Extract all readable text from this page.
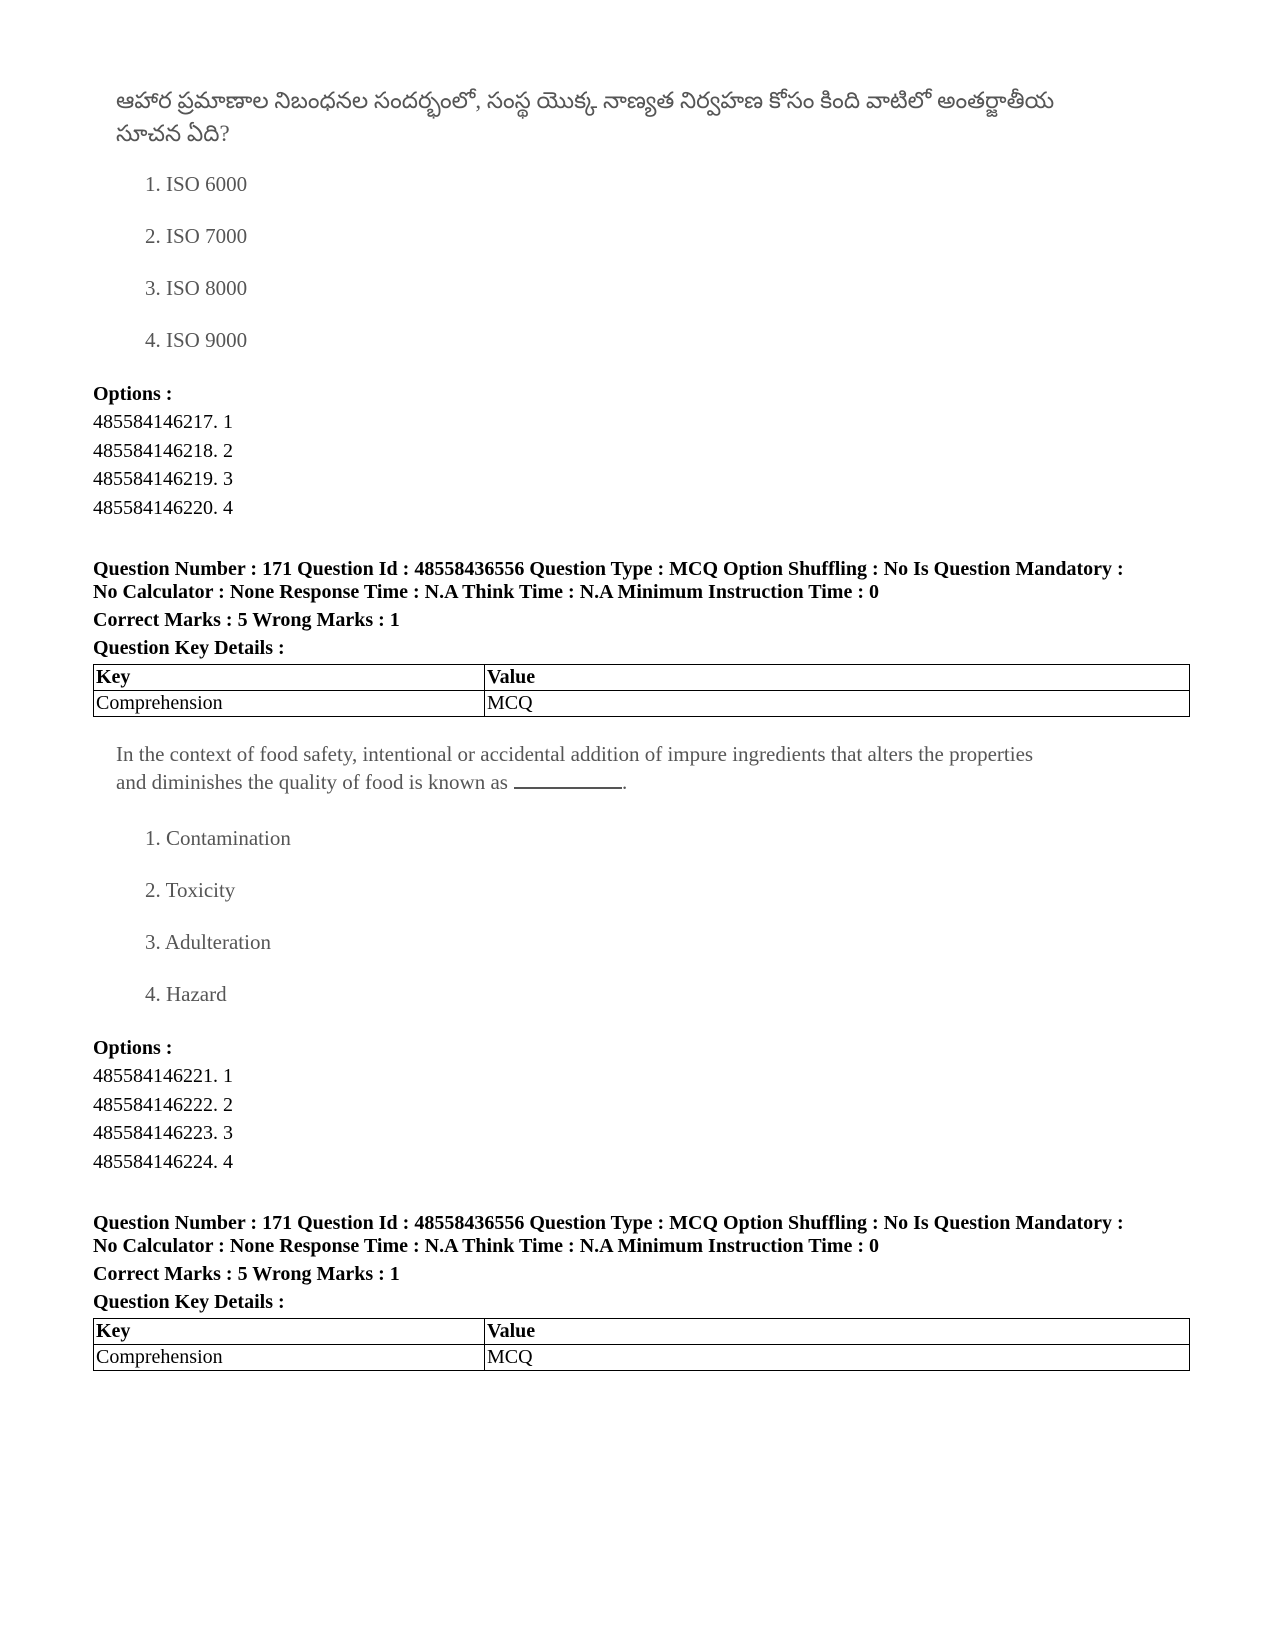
ఆహార ప్రమాణాల నిబంధనల సందర్భంలో, సంస్థ యొక్క నాణ్యత నిర్వహణ కోసం కింది వాటిలో అంతర్జాతీయ సూచన ఏది?

1. ISO 6000

2. ISO 7000

3. ISO 8000

4. ISO 9000

Options :
485584146217. 1
485584146218. 2
485584146219. 3
485584146220. 4
Question Number : 171 Question Id : 48558436556 Question Type : MCQ Option Shuffling : No Is Question Mandatory :
No Calculator : None Response Time : N.A Think Time : N.A Minimum Instruction Time : 0
Correct Marks : 5 Wrong Marks : 1
Question Key Details :
Key	Value
Comprehension	MCQ

In the context of food safety, intentional or accidental addition of impure ingredients that alters the properties

and diminishes the quality of food is known as	.

1. Contamination

2. Toxicity

3. Adulteration

4. Hazard

Options :
485584146221. 1
485584146222. 2
485584146223. 3
485584146224. 4
Question Number : 171 Question Id : 48558436556 Question Type : MCQ Option Shuffling : No Is Question Mandatory :
No Calculator : None Response Time : N.A Think Time : N.A Minimum Instruction Time : 0
Correct Marks : 5 Wrong Marks : 1
Question Key Details :
Key	Value
Comprehension	MCQ
